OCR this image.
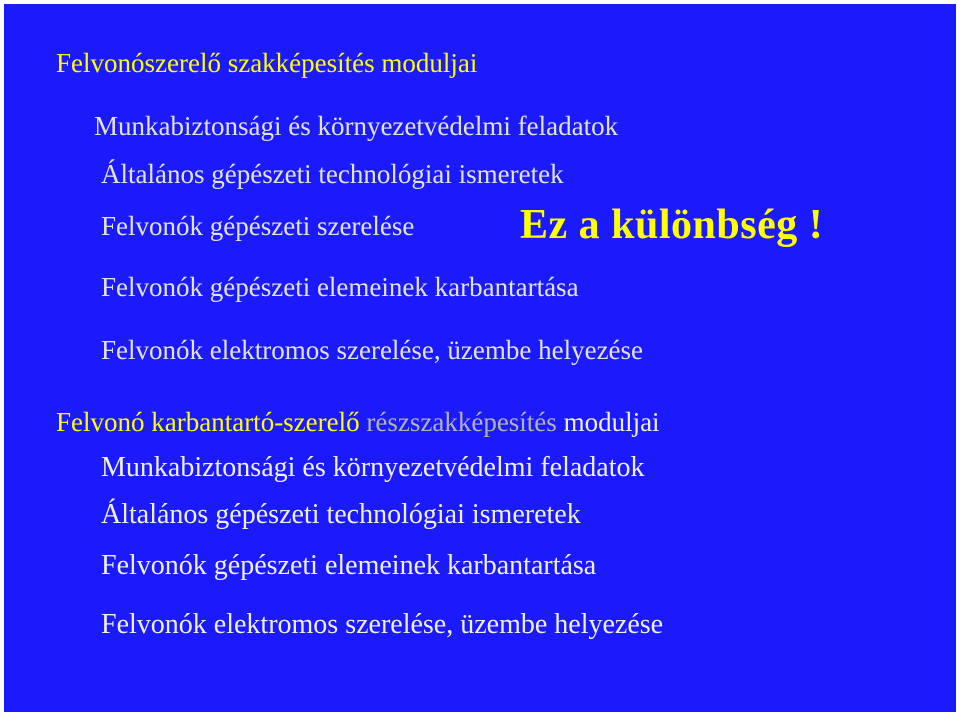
Felvonószerelő szakképesítés moduljai
Munkabiztonsági és környezetvédelmi feladatok
Általános gépészeti technológiai ismeretek
Felvonók gépészeti szerelése	Ez a különbség !
Felvonók gépészeti elemeinek karbantartása
Felvonók elektromos szerelése, üzembe helyezése
Felvonó karbantartó-szerelő részszakképesítés moduljai
Munkabiztonsági és környezetvédelmi feladatok
Általános gépészeti technológiai ismeretek
Felvonók gépészeti elemeinek karbantartása
Felvonók elektromos szerelése, üzembe helyezése
